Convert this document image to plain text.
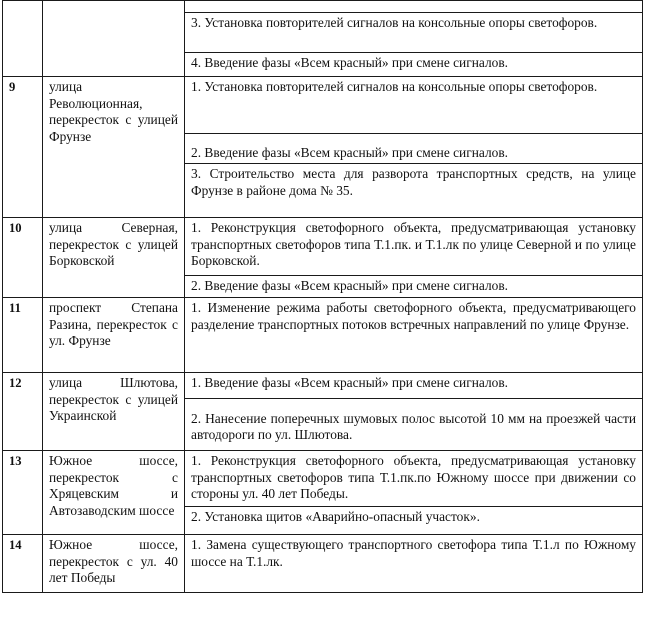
		3. Установка повторителей сигналов на консольные опоры светофоров.
		4. Введение фазы «Всем красный» при смене сигналов.
9	улица Революционная, перекресток с улицей Фрунзе	1. Установка повторителей сигналов на консольные опоры светофоров.
		2. Введение фазы «Всем красный» при смене сигналов.
		3. Строительство места для разворота транспортных средств, на улице Фрунзе в районе дома № 35.
10	улица Северная, перекресток с улицей Борковской	1. Реконструкция светофорного объекта, предусматривающая установку транспортных светофоров типа Т.1.пк. и Т.1.лк по улице Северной и по улице Борковской.
		2. Введение фазы «Всем красный» при смене сигналов.
11	проспект Степана Разина, перекресток с ул. Фрунзе	1. Изменение режима работы светофорного объекта, предусматривающего разделение транспортных потоков встречных направлений по улице Фрунзе.
12	улица Шлютова, перекресток с улицей Украинской	1. Введение фазы «Всем красный» при смене сигналов.
		2. Нанесение поперечных шумовых полос высотой 10 мм на проезжей части автодороги по ул. Шлютова.
13	Южное шоссе, перекресток с Хряцевским и Автозаводским шоссе	1. Реконструкция светофорного объекта, предусматривающая установку транспортных светофоров типа Т.1.пк.по Южному шоссе при движении со стороны ул. 40 лет Победы.
		2. Установка щитов «Аварийно-опасный участок».
14	Южное шоссе, перекресток с ул. 40 лет Победы	1. Замена существующего транспортного светофора типа Т.1.л по Южному шоссе на Т.1.лк.
